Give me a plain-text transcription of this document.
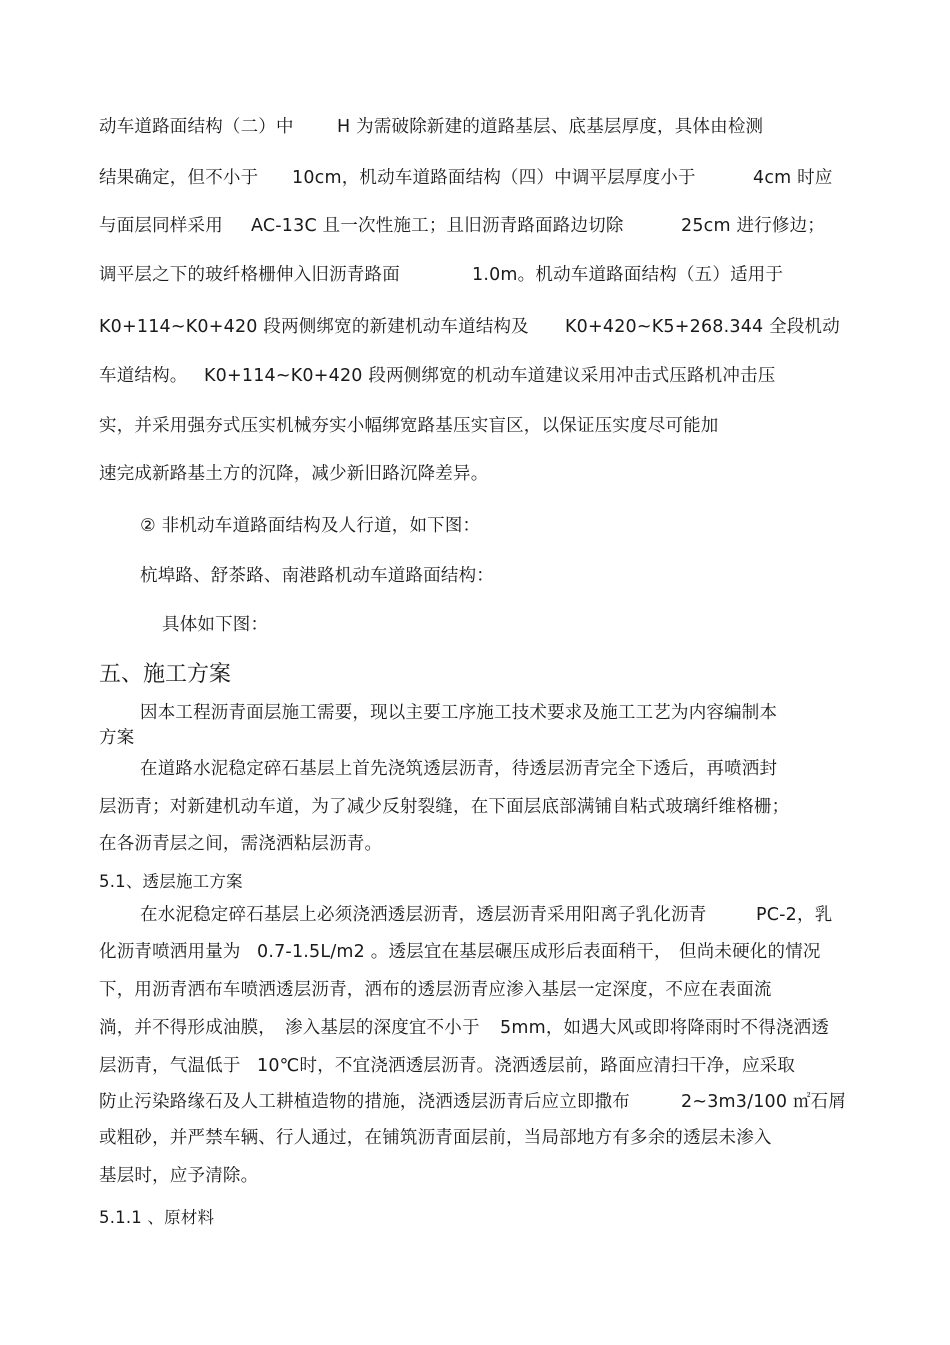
动车道路面结构（二）中 H 为需破除新建的道路基层、底基层厚度，具体由检测
结果确定，但不小于 10cm，机动车道路面结构（四）中调平层厚度小于	4cm 时应
与面层同样采用 AC-13C 且一次性施工；且旧沥青路面路边切除	25cm 进行修边；
调平层之下的玻纤格栅伸入旧沥青路面	1.0m。机动车道路面结构（五）适用于
K0+114~K0+420 段两侧绑宽的新建机动车道结构及 K0+420~K5+268.344 全段机动
车道结构。 K0+114~K0+420 段两侧绑宽的机动车道建议采用冲击式压路机冲击压
实，并采用强夯式压实机械夯实小幅绑宽路基压实盲区，以保证压实度尽可能加
速完成新路基土方的沉降，减少新旧路沉降差异。
② 非机动车道路面结构及人行道，如下图：
杭埠路、舒茶路、南港路机动车道路面结构：
具体如下图：
五、施工方案
因本工程沥青面层施工需要，现以主要工序施工技术要求及施工工艺为内容编制本
方案
在道路水泥稳定碎石基层上首先浇筑透层沥青，待透层沥青完全下透后，再喷洒封
层沥青；对新建机动车道，为了减少反射裂缝，在下面层底部满铺自粘式玻璃纤维格栅；
在各沥青层之间，需浇洒粘层沥青。
5.1、透层施工方案
在水泥稳定碎石基层上必须浇洒透层沥青，透层沥青采用阳离子乳化沥青	PC-2，乳
化沥青喷洒用量为 0.7-1.5L/m2 。透层宜在基层碾压成形后表面稍干， 但尚未硬化的情况
下，用沥青洒布车喷洒透层沥青，洒布的透层沥青应渗入基层一定深度，不应在表面流
淌，并不得形成油膜， 渗入基层的深度宜不小于 5mm，如遇大风或即将降雨时不得浇洒透
层沥青，气温低于 10℃时，不宜浇洒透层沥青。浇洒透层前，路面应清扫干净，应采取
防止污染路缘石及人工耕植造物的措施，浇洒透层沥青后应立即撒布	2~3m3/100 ㎡石屑
或粗砂，并严禁车辆、行人通过，在铺筑沥青面层前，当局部地方有多余的透层未渗入
基层时，应予清除。
5.1.1 、原材料
